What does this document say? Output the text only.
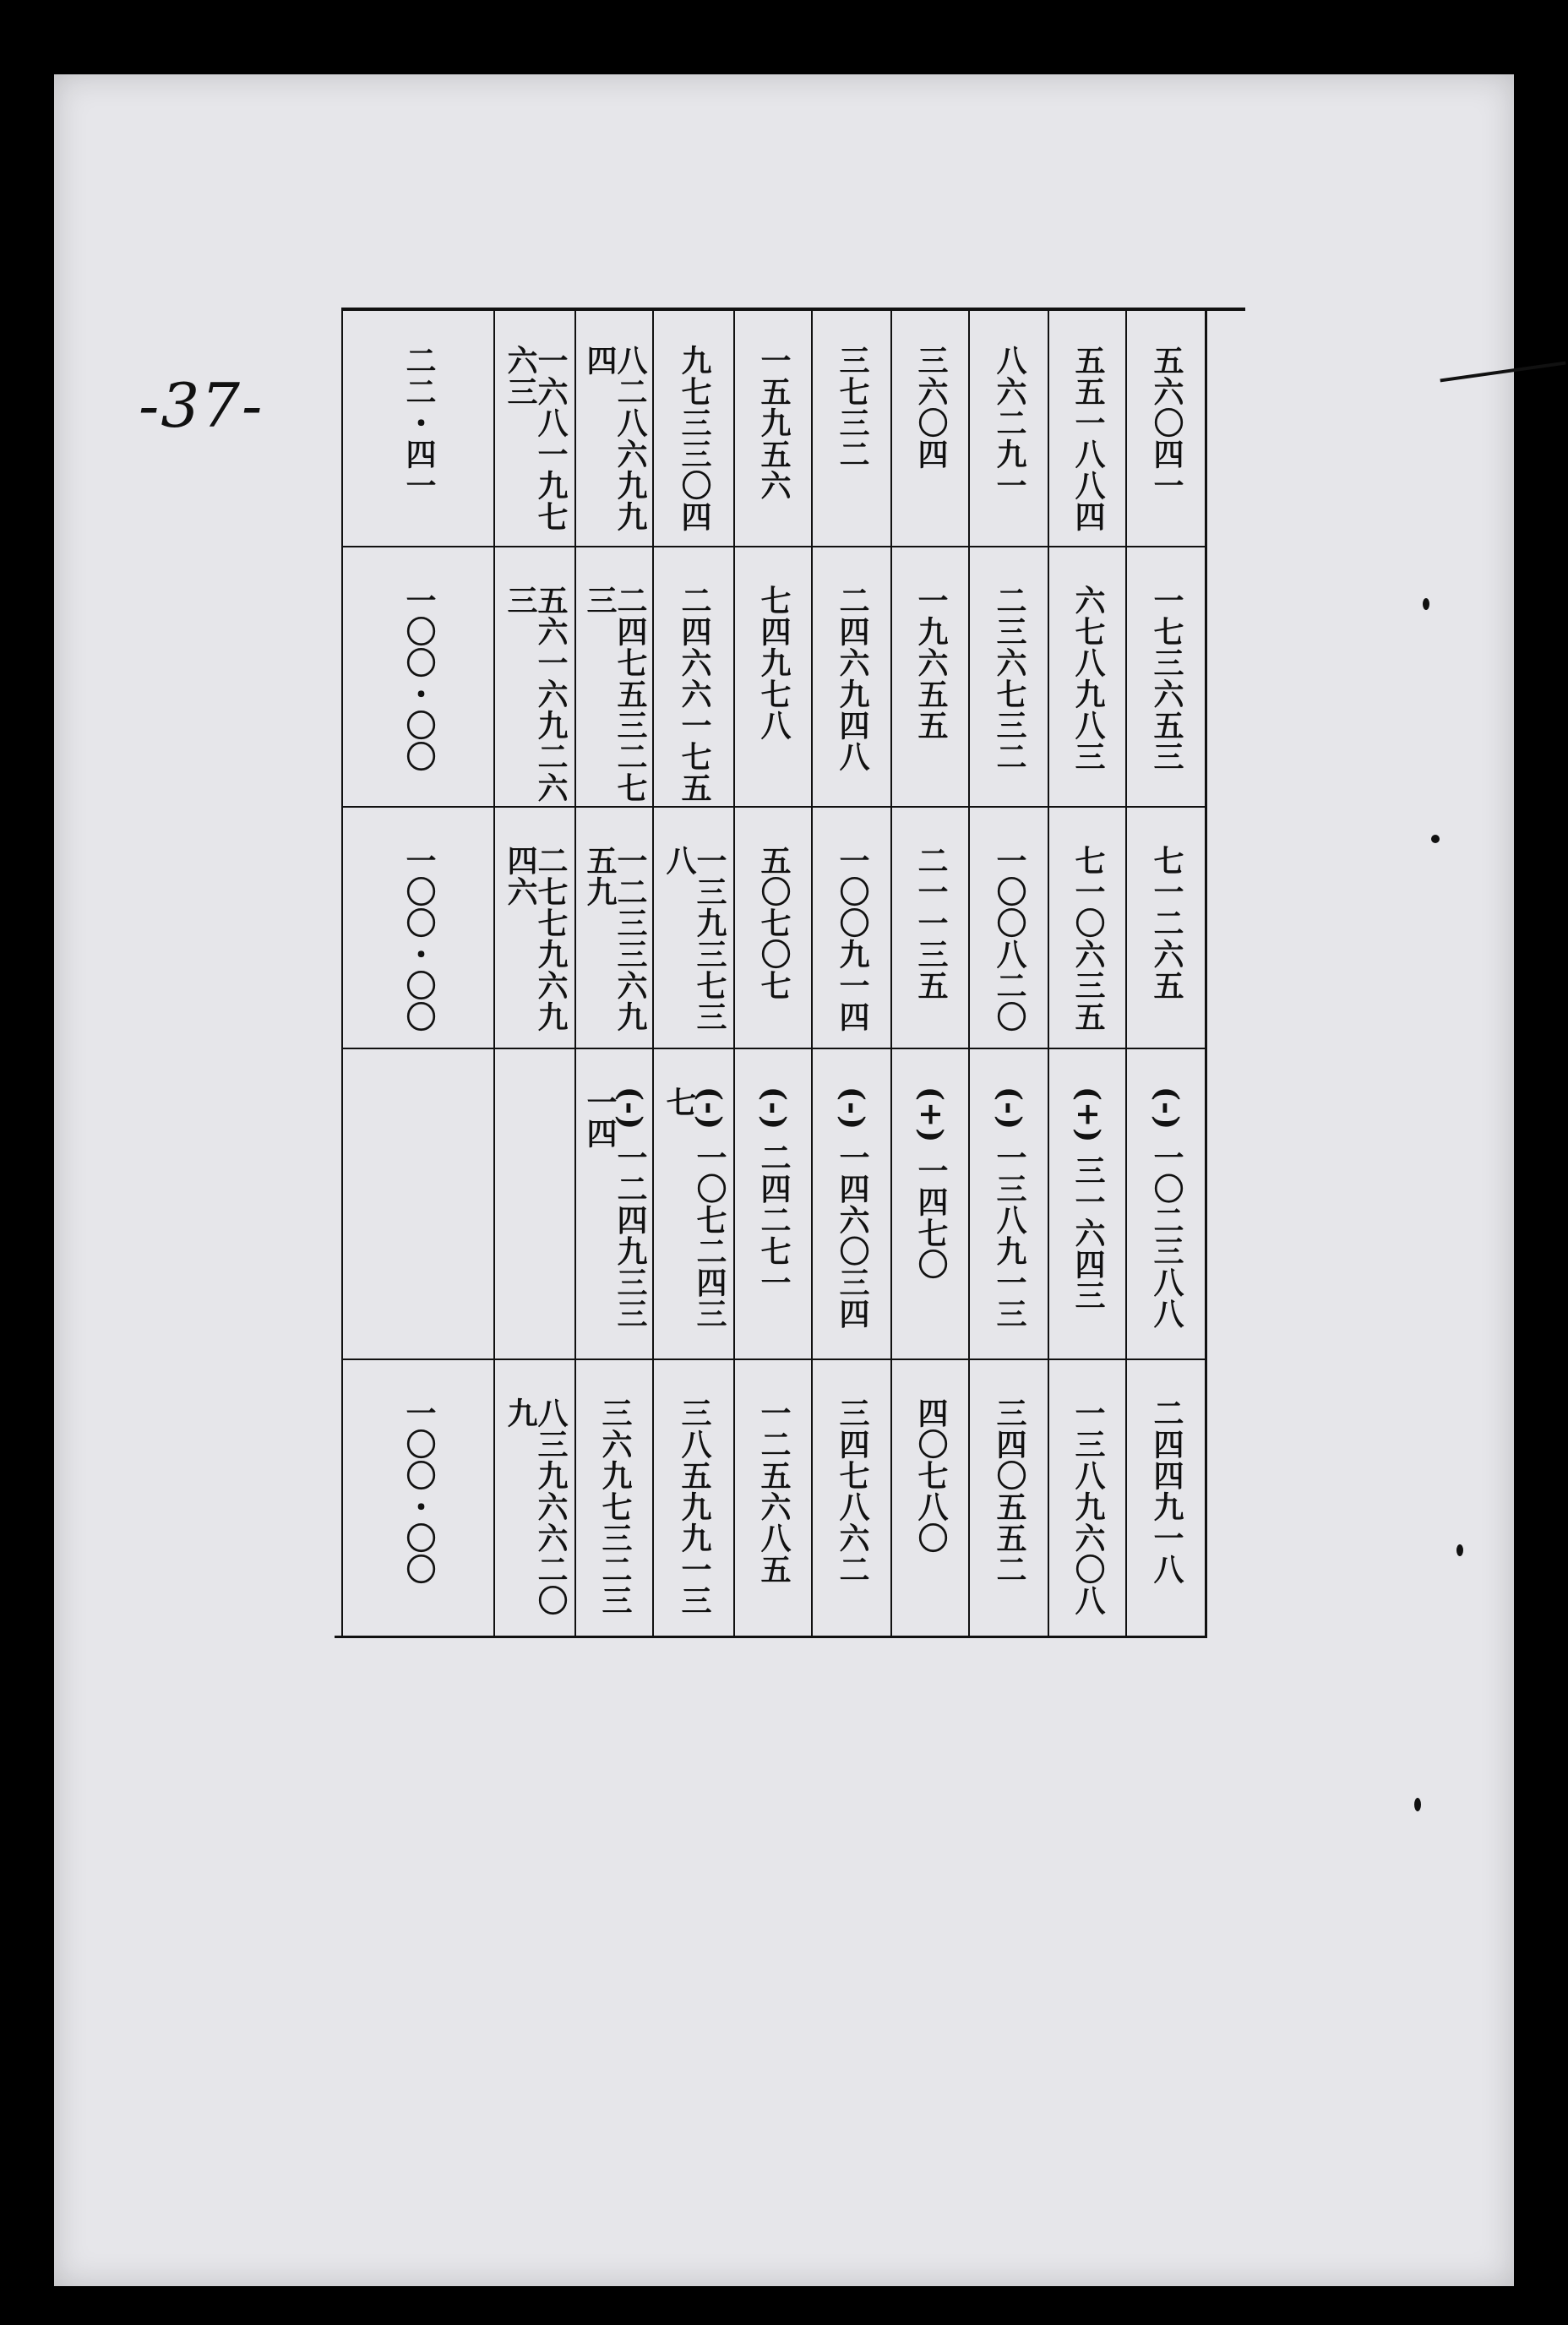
-37-	五六〇四一
一七三六五三
七一二六五
(-) 一〇二三八八
二四四九一八
五五一八八四
六七八九八三
七一〇六三五
(+) 三一六四三
一三八九六〇八
八六二九一
二三六七三二
一〇〇八二〇
(-) 一三八九一三
三四〇五五二
三六〇四
一九六五五
二一一三五
(+) 一四七〇
四〇七八〇
三七三二
二四六九四八
一〇〇九一四
(-) 一四六〇三四
三四七八六二
一五九五六
七四九七八
五〇七〇七
(-) 二四二七一
一二五六八五
九七三三〇四
二四六六一七五
一三九三七三八
(-) 一〇七二四三七
三八五九九一三
八二八六九九四
二四七五三二七三
一二三三六九五九
(-) 一二四九三三一四
三六九七三二三
一六八一九七六三
五六一六九二六三
二七七九六九四六
八三九六六二〇九
二二・四一
一〇〇・〇〇
一〇〇・〇〇
一〇〇・〇〇
